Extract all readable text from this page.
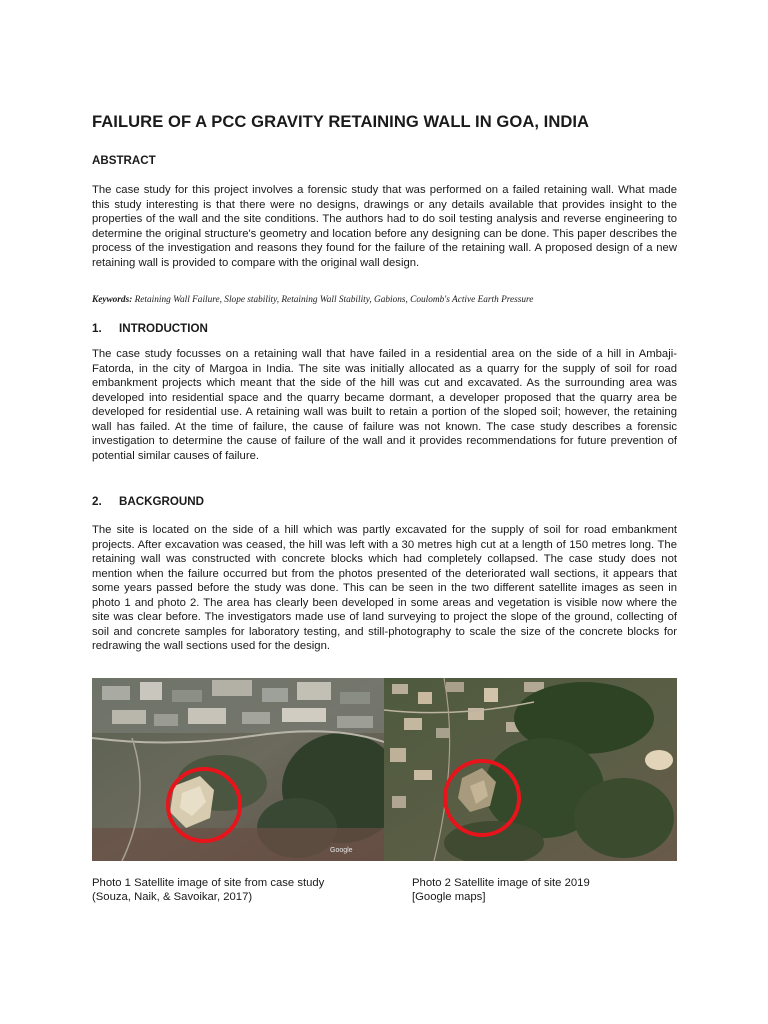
FAILURE OF A PCC GRAVITY RETAINING WALL IN GOA, INDIA

ABSTRACT

The case study for this project involves a forensic study that was performed on a failed retaining wall. What made this study interesting is that there were no designs, drawings or any details available that provides insight to the properties of the wall and the site conditions. The authors had to do soil testing analysis and reverse engineering to determine the original structure's geometry and location before any designing can be done. This paper describes the process of the investigation and reasons they found for the failure of the retaining wall. A proposed design of a new retaining wall is provided to compare with the original wall design.

Keywords: Retaining Wall Failure, Slope stability, Retaining Wall Stability, Gabions, Coulomb's Active Earth Pressure

1. INTRODUCTION

The case study focusses on a retaining wall that have failed in a residential area on the side of a hill in Ambaji-Fatorda, in the city of Margoa in India. The site was initially allocated as a quarry for the supply of soil for road embankment projects which meant that the side of the hill was cut and excavated. As the surrounding area was developed into residential space and the quarry became dormant, a developer proposed that the quarry area be developed for residential use. A retaining wall was built to retain a portion of the sloped soil; however, the retaining wall has failed. At the time of failure, the cause of failure was not known. The case study describes a forensic investigation to determine the cause of failure of the wall and it provides recommendations for future prevention of potential similar causes of failure.

2. BACKGROUND

The site is located on the side of a hill which was partly excavated for the supply of soil for road embankment projects. After excavation was ceased, the hill was left with a 30 metres high cut at a length of 150 metres long. The retaining wall was constructed with concrete blocks which had completely collapsed. The case study does not mention when the failure occurred but from the photos presented of the deteriorated wall sections, it appears that some years passed before the study was done. This can be seen in the two different satellite images as seen in photo 1 and photo 2. The area has clearly been developed in some areas and vegetation is visible now where the site was clear before. The investigators made use of land surveying to project the slope of the ground, collecting of soil and concrete samples for laboratory testing, and still-photography to scale the size of the concrete blocks for redrawing the wall sections used for the design.

Google

Photo 1 Satellite image of site from case study
(Souza, Naik, & Savoikar, 2017)

Photo 2 Satellite image of site 2019
[Google maps]
